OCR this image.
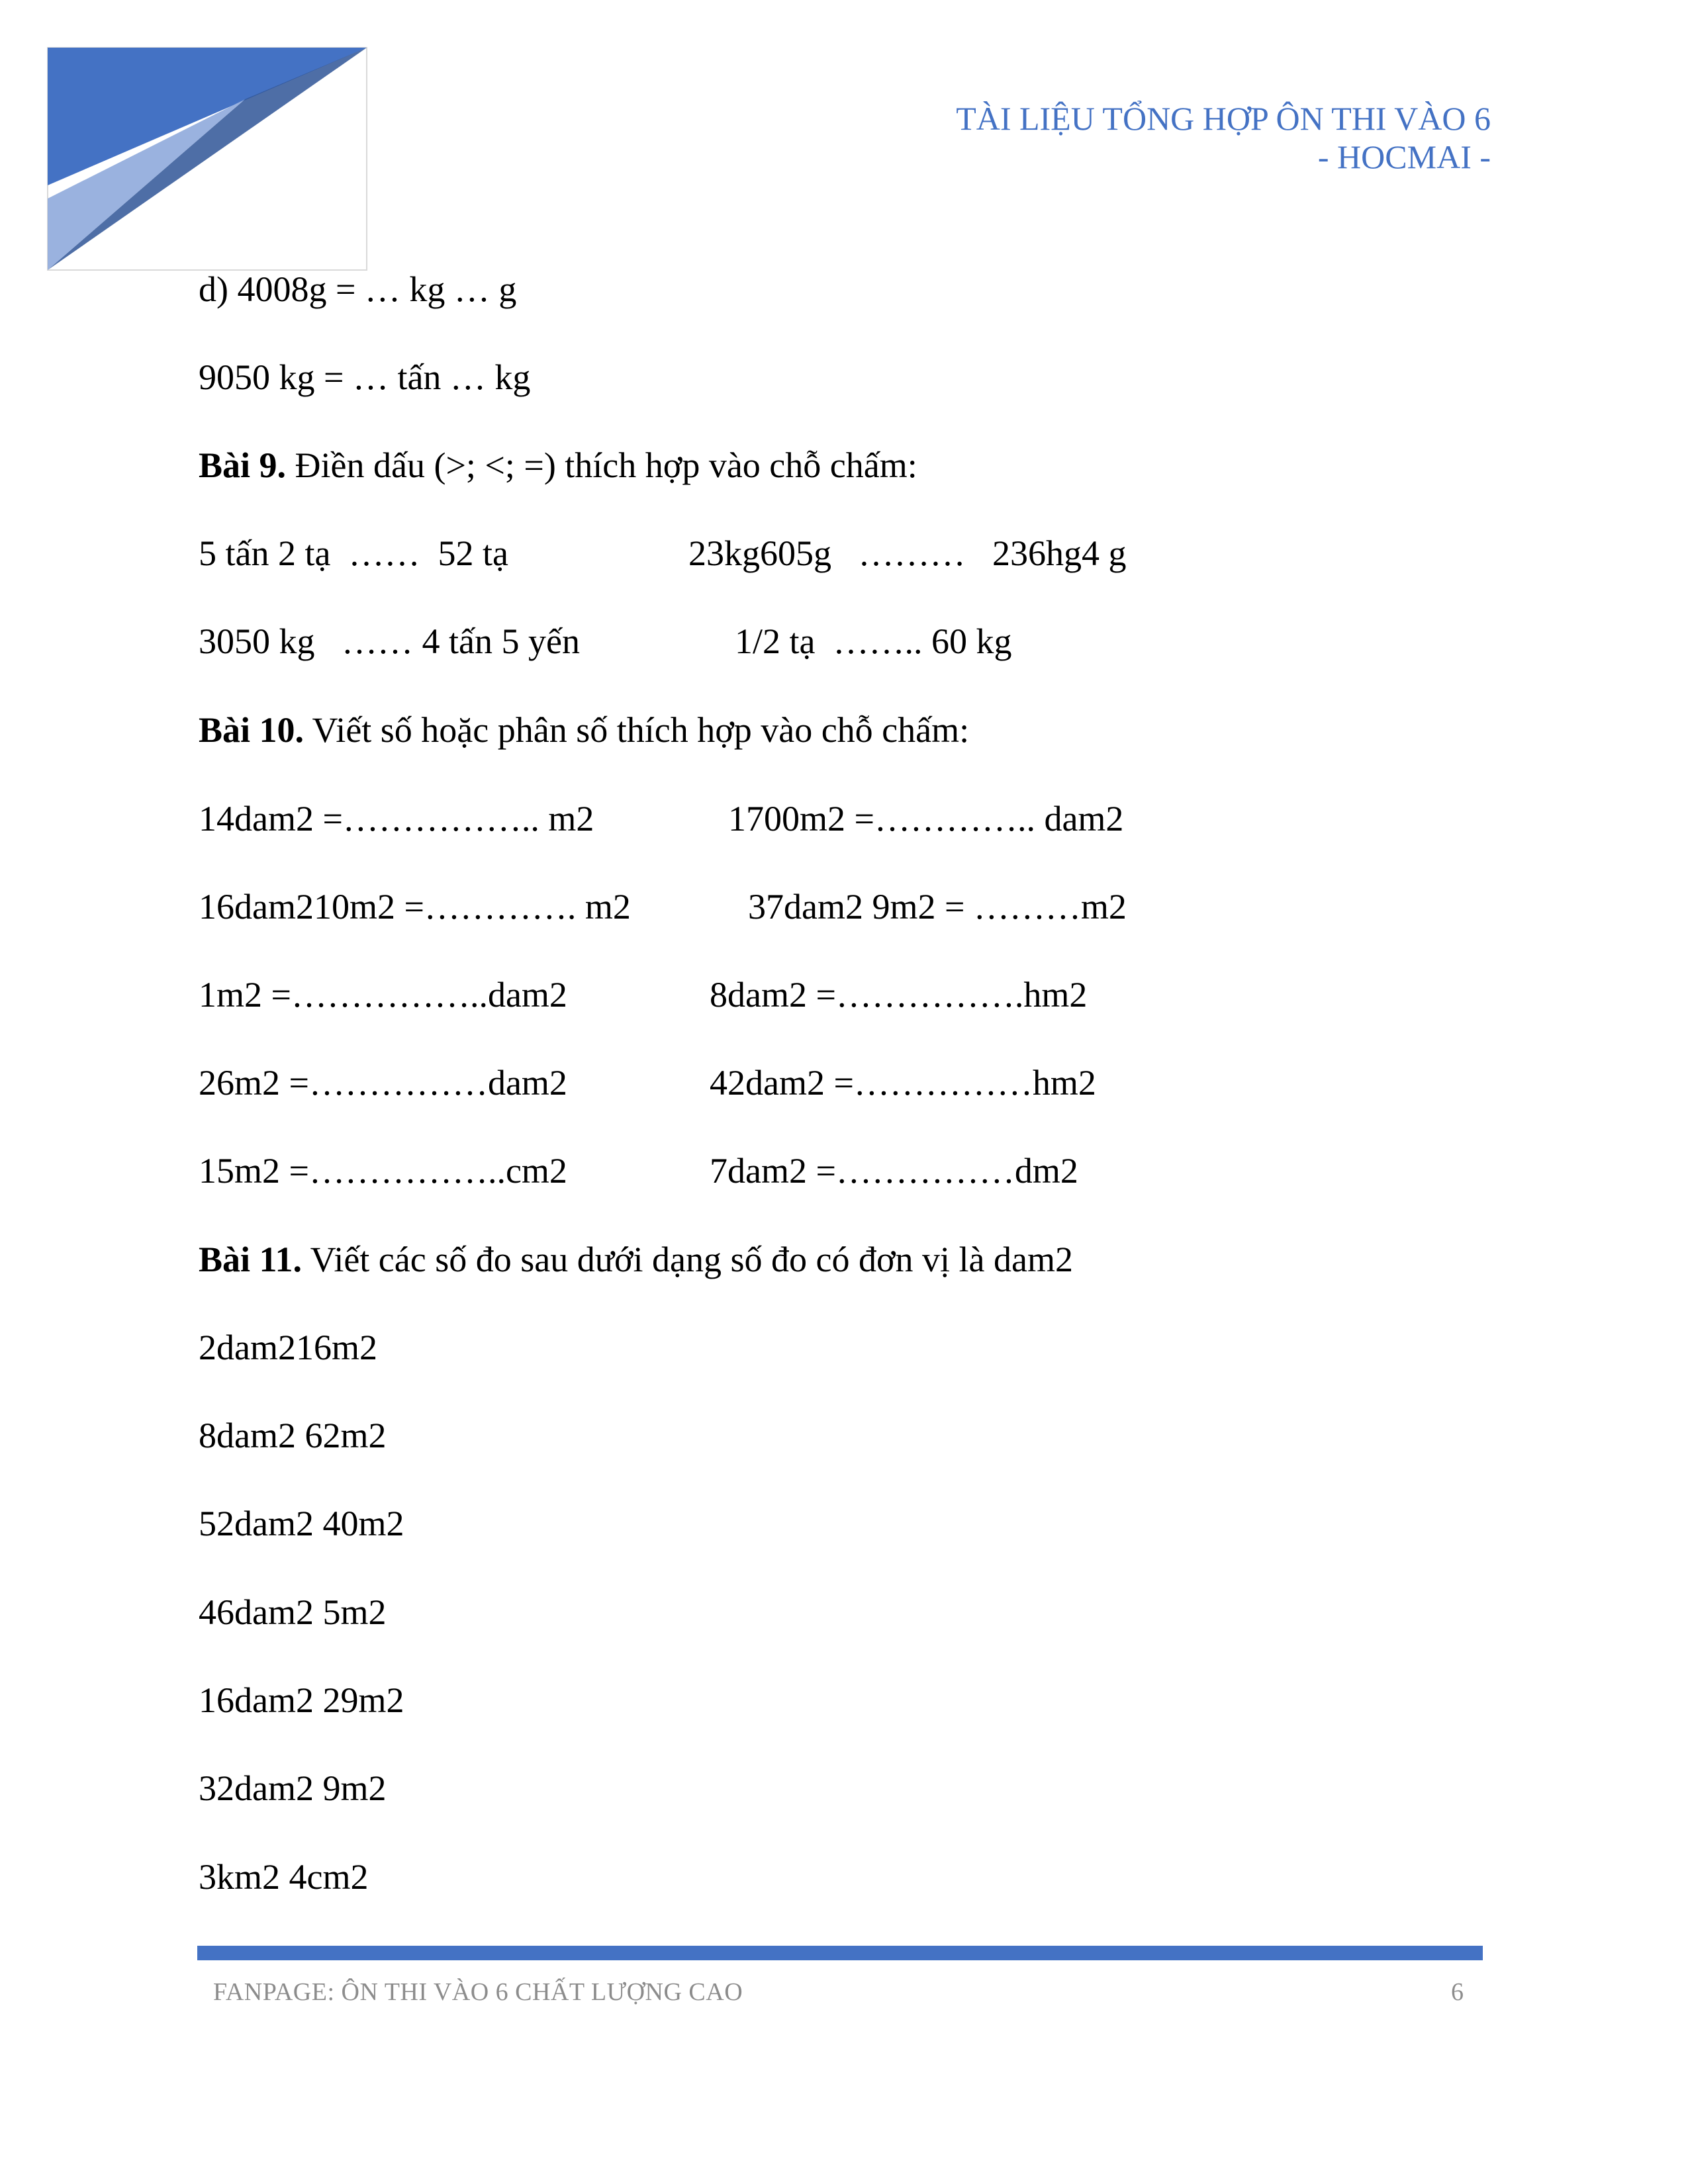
TÀI LIỆU TỔNG HỢP ÔN THI VÀO 6
- HOCMAI -
d) 4008g = … kg … g
9050 kg = … tấn … kg
Bài 9. Điền dấu (>; <; =) thích hợp vào chỗ chấm:
5 tấn 2 tạ  ……  52 tạ	23kg605g   ………   236hg4 g
3050 kg   …… 4 tấn 5 yến	1/2 tạ  …….. 60 kg
Bài 10. Viết số hoặc phân số thích hợp vào chỗ chấm:
14dam2 =…………….. m2	1700m2 =………….. dam2
16dam210m2 =…………. m2	37dam2 9m2 = ………m2
1m2 =……………..dam2	8dam2 =…………….hm2
26m2 =……………dam2	42dam2 =……………hm2
15m2 =……………..cm2	7dam2 =……………dm2
Bài 11. Viết các số đo sau dưới dạng số đo có đơn vị là dam2
2dam216m2
8dam2 62m2
52dam2 40m2
46dam2 5m2
16dam2 29m2
32dam2 9m2
3km2 4cm2
FANPAGE: ÔN THI VÀO 6 CHẤT LƯỢNG CAO	6
